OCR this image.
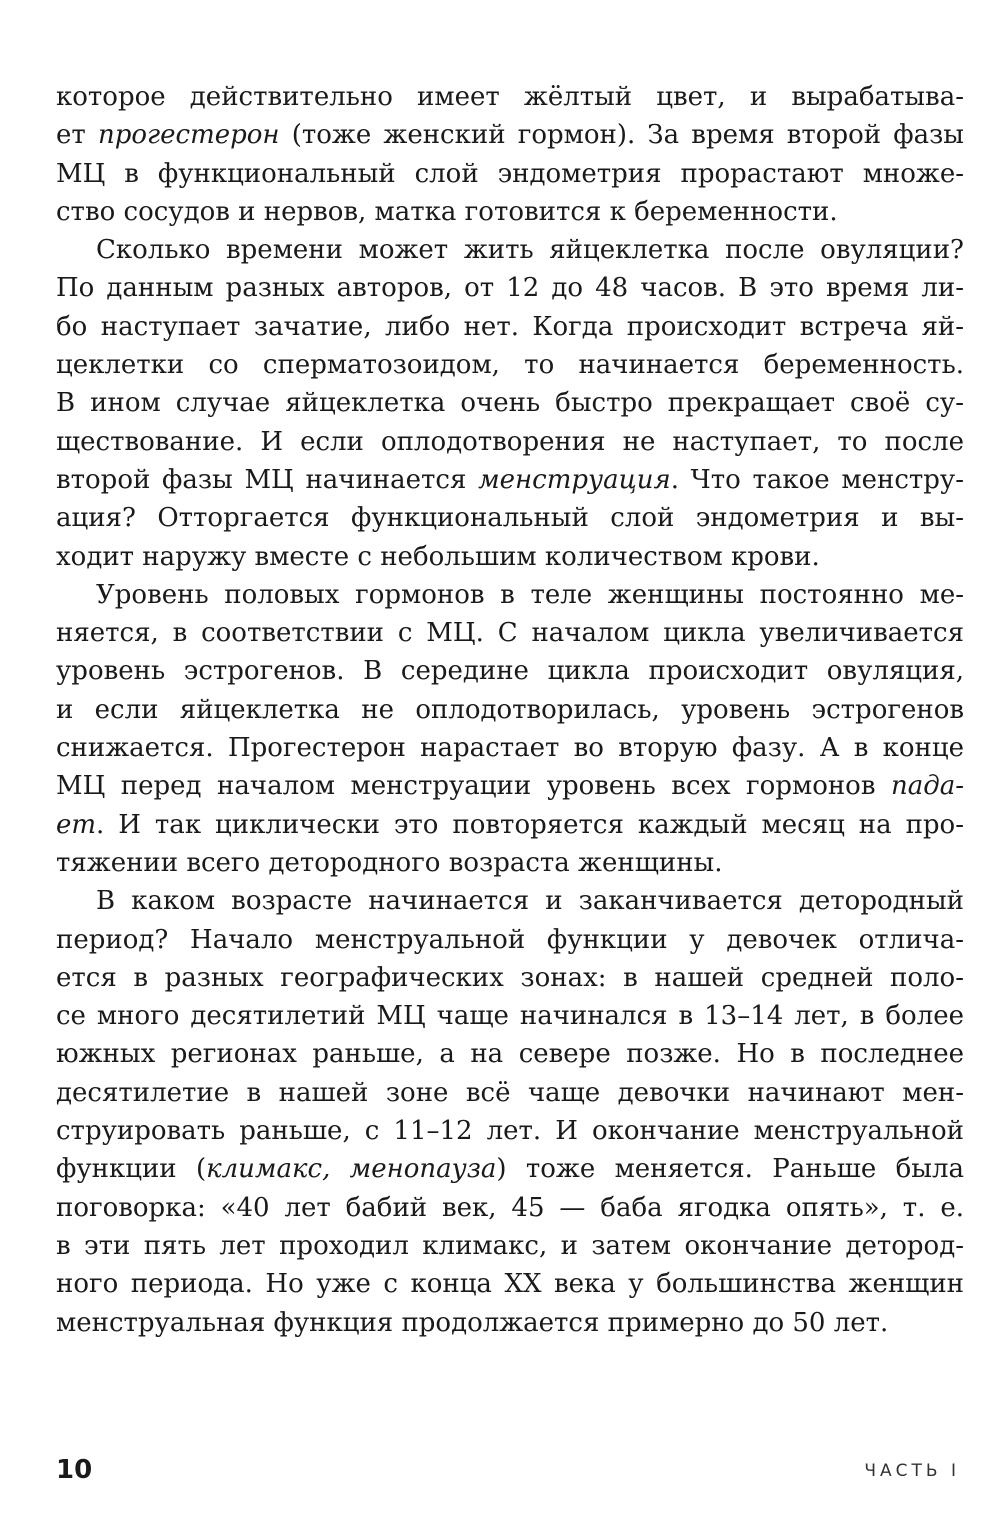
которое действительно имеет жёлтый цвет, и вырабатыва-
ет прогестерон (тоже женский гормон). За время второй фазы
МЦ в функциональный слой эндометрия прорастают множе-
ство сосудов и нервов, матка готовится к беременности.
Сколько времени может жить яйцеклетка после овуляции?
По данным разных авторов, от 12 до 48 часов. В это время ли-
бо наступает зачатие, либо нет. Когда происходит встреча яй-
цеклетки со сперматозоидом, то начинается беременность.
В ином случае яйцеклетка очень быстро прекращает своё су-
ществование. И если оплодотворения не наступает, то после
второй фазы МЦ начинается менструация. Что такое менстру-
ация? Отторгается функциональный слой эндометрия и вы-
ходит наружу вместе с небольшим количеством крови.
Уровень половых гормонов в теле женщины постоянно ме-
няется, в соответствии с МЦ. С началом цикла увеличивается
уровень эстрогенов. В середине цикла происходит овуляция,
и если яйцеклетка не оплодотворилась, уровень эстрогенов
снижается. Прогестерон нарастает во вторую фазу. А в конце
МЦ перед началом менструации уровень всех гормонов пада-
ет. И так циклически это повторяется каждый месяц на про-
тяжении всего детородного возраста женщины.
В каком возрасте начинается и заканчивается детородный
период? Начало менструальной функции у девочек отлича-
ется в разных географических зонах: в нашей средней поло-
се много десятилетий МЦ чаще начинался в 13–14 лет, в более
южных регионах раньше, а на севере позже. Но в последнее
десятилетие в нашей зоне всё чаще девочки начинают мен-
струировать раньше, с 11–12 лет. И окончание менструальной
функции (климакс, менопауза) тоже меняется. Раньше была
поговорка: «40 лет бабий век, 45 — баба ягодка опять», т. е.
в эти пять лет проходил климакс, и затем окончание детород-
ного периода. Но уже с конца XX века у большинства женщин
менструальная функция продолжается примерно до 50 лет.
10	ЧАСТЬ I
